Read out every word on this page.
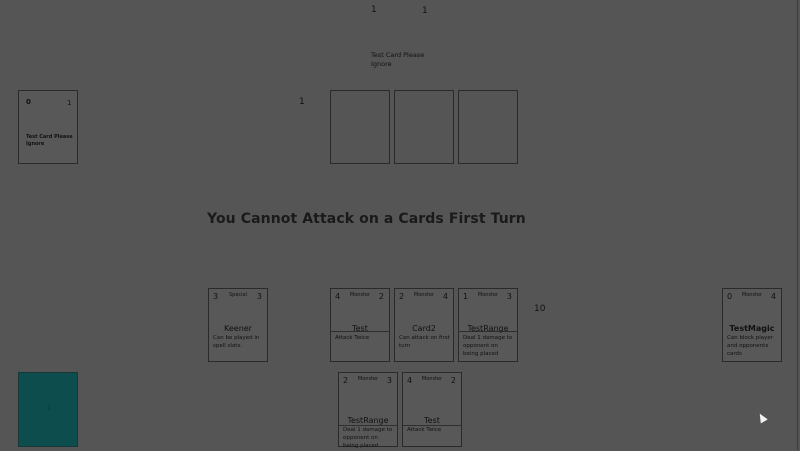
1	1
Test Card Please Ignore
0	1
Test Card Please Ignore
1
You Cannot Attack on a Cards First Turn
3	Special	3
Keener
Can be played in spell slots.
4	Monster	2
Test
Attack Twice
2	Monster	4
Card2
Can attack on first turn
1	Monster	3
TestRange
Deal 1 damage to opponent on being placed
10
0	Monster	4
TestMagic
Can block player and opponents cards
1
2	Monster	3
TestRange
Deal 1 damage to opponent on being placed
4	Monster	2
Test
Attack Twice
